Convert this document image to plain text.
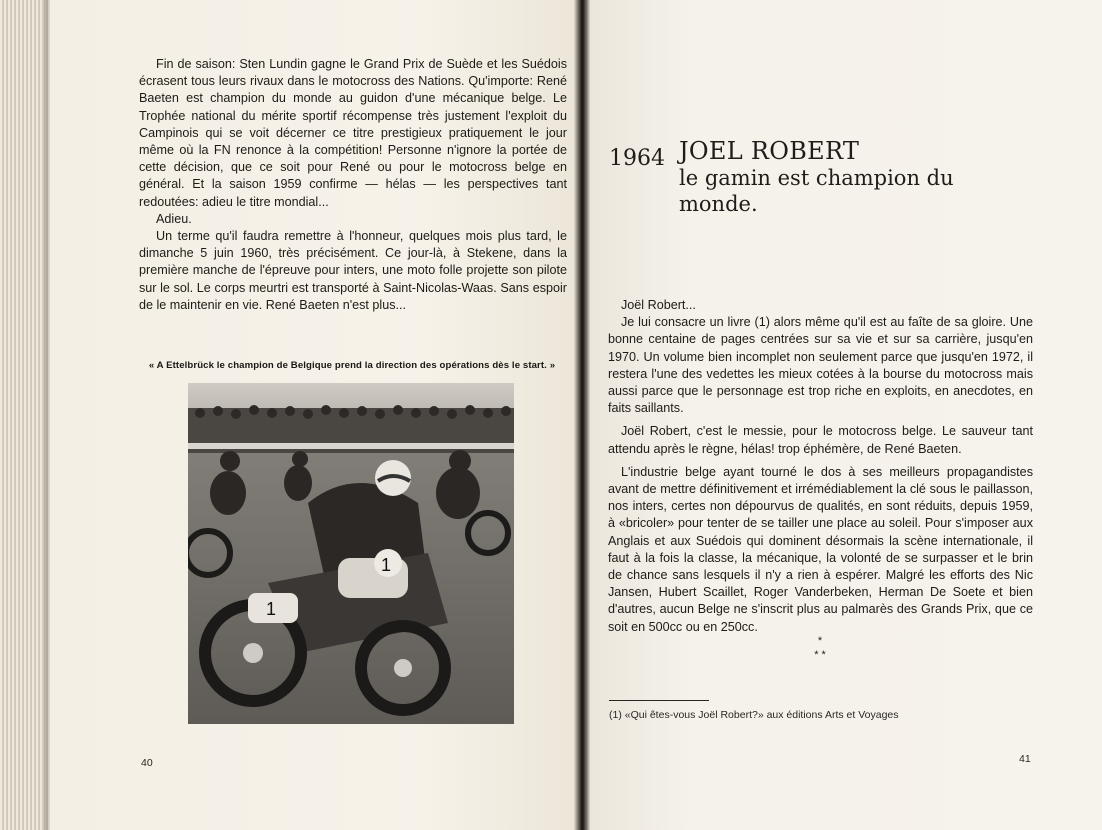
Fin de saison: Sten Lundin gagne le Grand Prix de Suède et les Suédois écrasent tous leurs rivaux dans le motocross des Nations. Qu'importe: René Baeten est champion du monde au guidon d'une mécanique belge. Le Trophée national du mérite sportif récompense très justement l'exploit du Campinois qui se voit décerner ce titre prestigieux pratiquement le jour même où la FN renonce à la compétition! Personne n'ignore la portée de cette décision, que ce soit pour René ou pour le motocross belge en général. Et la saison 1959 confirme — hélas — les perspectives tant redoutées: adieu le titre mondial...

Adieu.

Un terme qu'il faudra remettre à l'honneur, quelques mois plus tard, le dimanche 5 juin 1960, très précisément. Ce jour-là, à Stekene, dans la première manche de l'épreuve pour inters, une moto folle projette son pilote sur le sol. Le corps meurtri est transporté à Saint-Nicolas-Waas. Sans espoir de le maintenir en vie. René Baeten n'est plus...

« A Ettelbrück le champion de Belgique prend la direction des opérations dès le start. »
1
1
40
1964 JOEL ROBERT
le gamin est champion du monde.

Joël Robert...

Je lui consacre un livre (1) alors même qu'il est au faîte de sa gloire. Une bonne centaine de pages centrées sur sa vie et sur sa carrière, jusqu'en 1970. Un volume bien incomplet non seulement parce que jusqu'en 1972, il restera l'une des vedettes les mieux cotées à la bourse du motocross mais aussi parce que le personnage est trop riche en exploits, en anecdotes, en faits saillants.

Joël Robert, c'est le messie, pour le motocross belge. Le sauveur tant attendu après le règne, hélas! trop éphémère, de René Baeten.

L'industrie belge ayant tourné le dos à ses meilleurs propagandistes avant de mettre définitivement et irrémédiablement la clé sous le paillasson, nos inters, certes non dépourvus de qualités, en sont réduits, depuis 1959, à «bricoler» pour tenter de se tailler une place au soleil. Pour s'imposer aux Anglais et aux Suédois qui dominent désormais la scène internationale, il faut à la fois la classe, la mécanique, la volonté de se surpasser et le brin de chance sans lesquels il n'y a rien à espérer. Malgré les efforts des Nic Jansen, Hubert Scaillet, Roger Vanderbeken, Herman De Soete et bien d'autres, aucun Belge ne s'inscrit plus au palmarès des Grands Prix, que ce soit en 500cc ou en 250cc.

*
* *
(1) «Qui êtes-vous Joël Robert?» aux éditions Arts et Voyages
41
